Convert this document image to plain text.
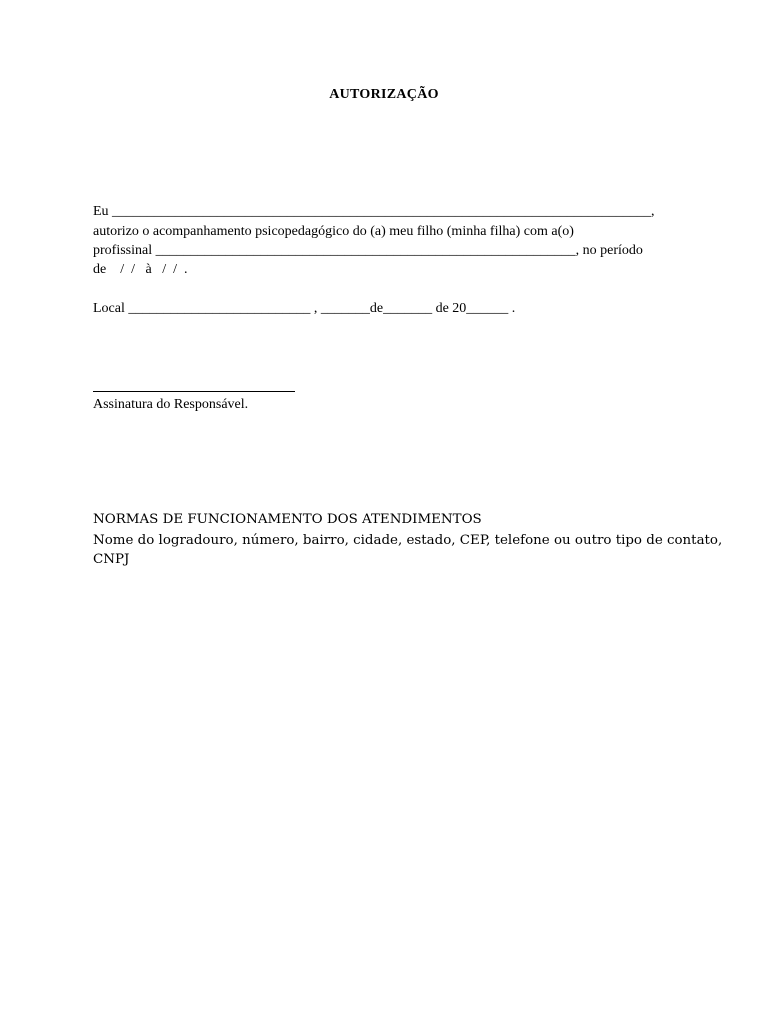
AUTORIZAÇÃO
Eu _____________________________________________________________________________,
autorizo o acompanhamento psicopedagógico do (a) meu filho (minha filha) com a(o)
profissinal ____________________________________________________________, no período
de    /  /   à   /  /  .
Local __________________________ , _______de_______ de 20______ .
Assinatura do Responsável.
NORMAS DE FUNCIONAMENTO DOS ATENDIMENTOS
Nome do logradouro, número, bairro, cidade, estado, CEP, telefone ou outro tipo de contato,
CNPJ
